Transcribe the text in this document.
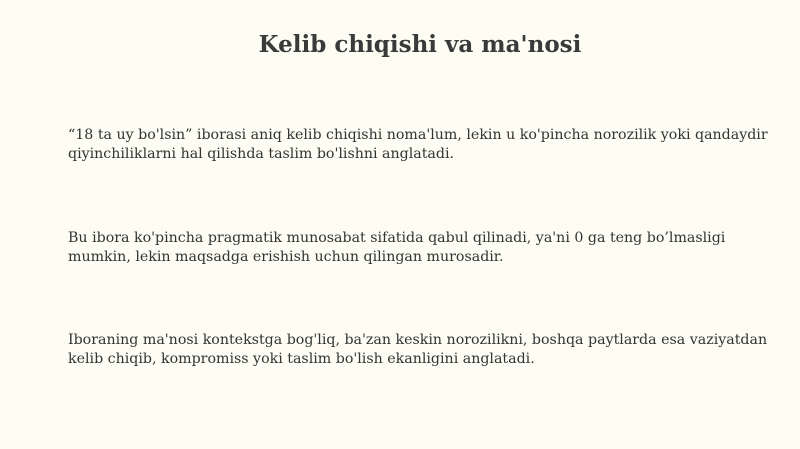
Kelib chiqishi va ma'nosi

“18 ta uy bo'lsin” iborasi aniq kelib chiqishi noma'lum, lekin u ko'pincha norozilik yoki qandaydir qiyinchiliklarni hal qilishda taslim bo'lishni anglatadi.

Bu ibora ko'pincha pragmatik munosabat sifatida qabul qilinadi, ya'ni 0 ga teng bo’lmasligi mumkin, lekin maqsadga erishish uchun qilingan murosadir.

Iboraning ma'nosi kontekstga bog'liq, ba'zan keskin norozilikni, boshqa paytlarda esa vaziyatdan kelib chiqib, kompromiss yoki taslim bo'lish ekanligini anglatadi.
